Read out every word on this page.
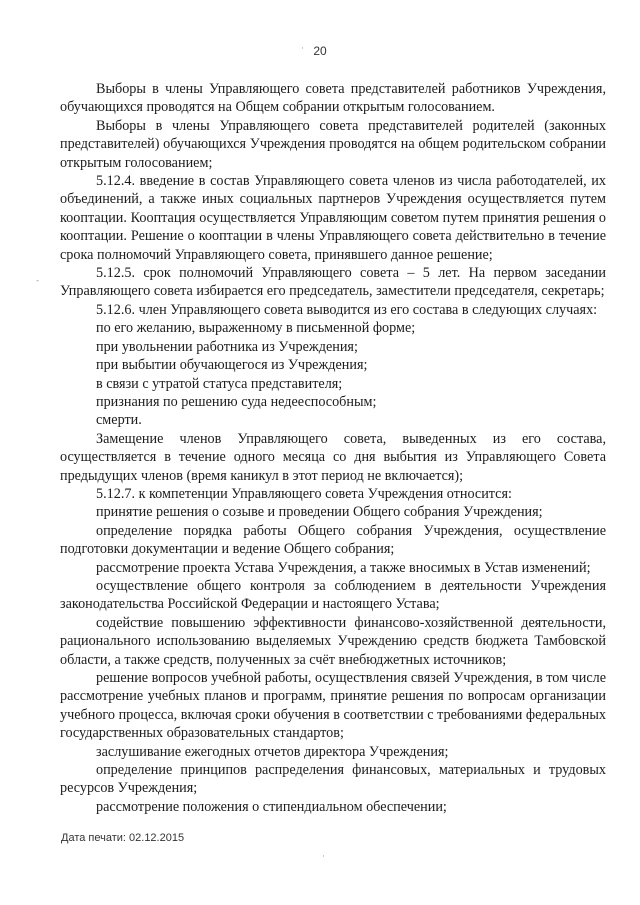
· 20

Выборы в члены Управляющего совета представителей работников Учреждения, обучающихся проводятся на Общем собрании открытым голосованием.

Выборы в члены Управляющего совета представителей родителей (законных представителей) обучающихся Учреждения проводятся на общем родительском собрании открытым голосованием;

5.12.4. введение в состав Управляющего совета членов из числа работодателей, их объединений, а также иных социальных партнеров Учреждения осуществляется путем кооптации. Кооптация осуществляется Управляющим советом путем принятия решения о кооптации. Решение о кооптации в члены Управляющего совета действительно в течение срока полномочий Управляющего совета, принявшего данное решение;

5.12.5. срок полномочий Управляющего совета – 5 лет. На первом заседании Управляющего совета избирается его председатель, заместители председателя, секретарь;

5.12.6. член Управляющего совета выводится из его состава в следующих случаях:

по его желанию, выраженному в письменной форме;

при увольнении работника из Учреждения;

при выбытии обучающегося из Учреждения;

в связи с утратой статуса представителя;

признания по решению суда недееспособным;

смерти.

Замещение членов Управляющего совета, выведенных из его состава, осуществляется в течение одного месяца со дня выбытия из Управляющего Совета предыдущих членов (время каникул в этот период не включается);

5.12.7. к компетенции Управляющего совета Учреждения относится:

принятие решения о созыве и проведении Общего собрания Учреждения;

определение порядка работы Общего собрания Учреждения, осуществление подготовки документации и ведение Общего собрания;

рассмотрение проекта Устава Учреждения, а также вносимых в Устав изменений;

осуществление общего контроля за соблюдением в деятельности Учреждения законодательства Российской Федерации и настоящего Устава;

содействие повышению эффективности финансово-хозяйственной деятельности, рационального использованию выделяемых Учреждению средств бюджета Тамбовской области, а также средств, полученных за счёт внебюджетных источников;

решение вопросов учебной работы, осуществления связей Учреждения, в том числе рассмотрение учебных планов и программ, принятие решения по вопросам организации учебного процесса, включая сроки обучения в соответствии с требованиями федеральных государственных образовательных стандартов;

заслушивание ежегодных отчетов директора Учреждения;

определение принципов распределения финансовых, материальных и трудовых ресурсов Учреждения;

рассмотрение положения о стипендиальном обеспечении;

-
·
Дата печати: 02.12.2015
